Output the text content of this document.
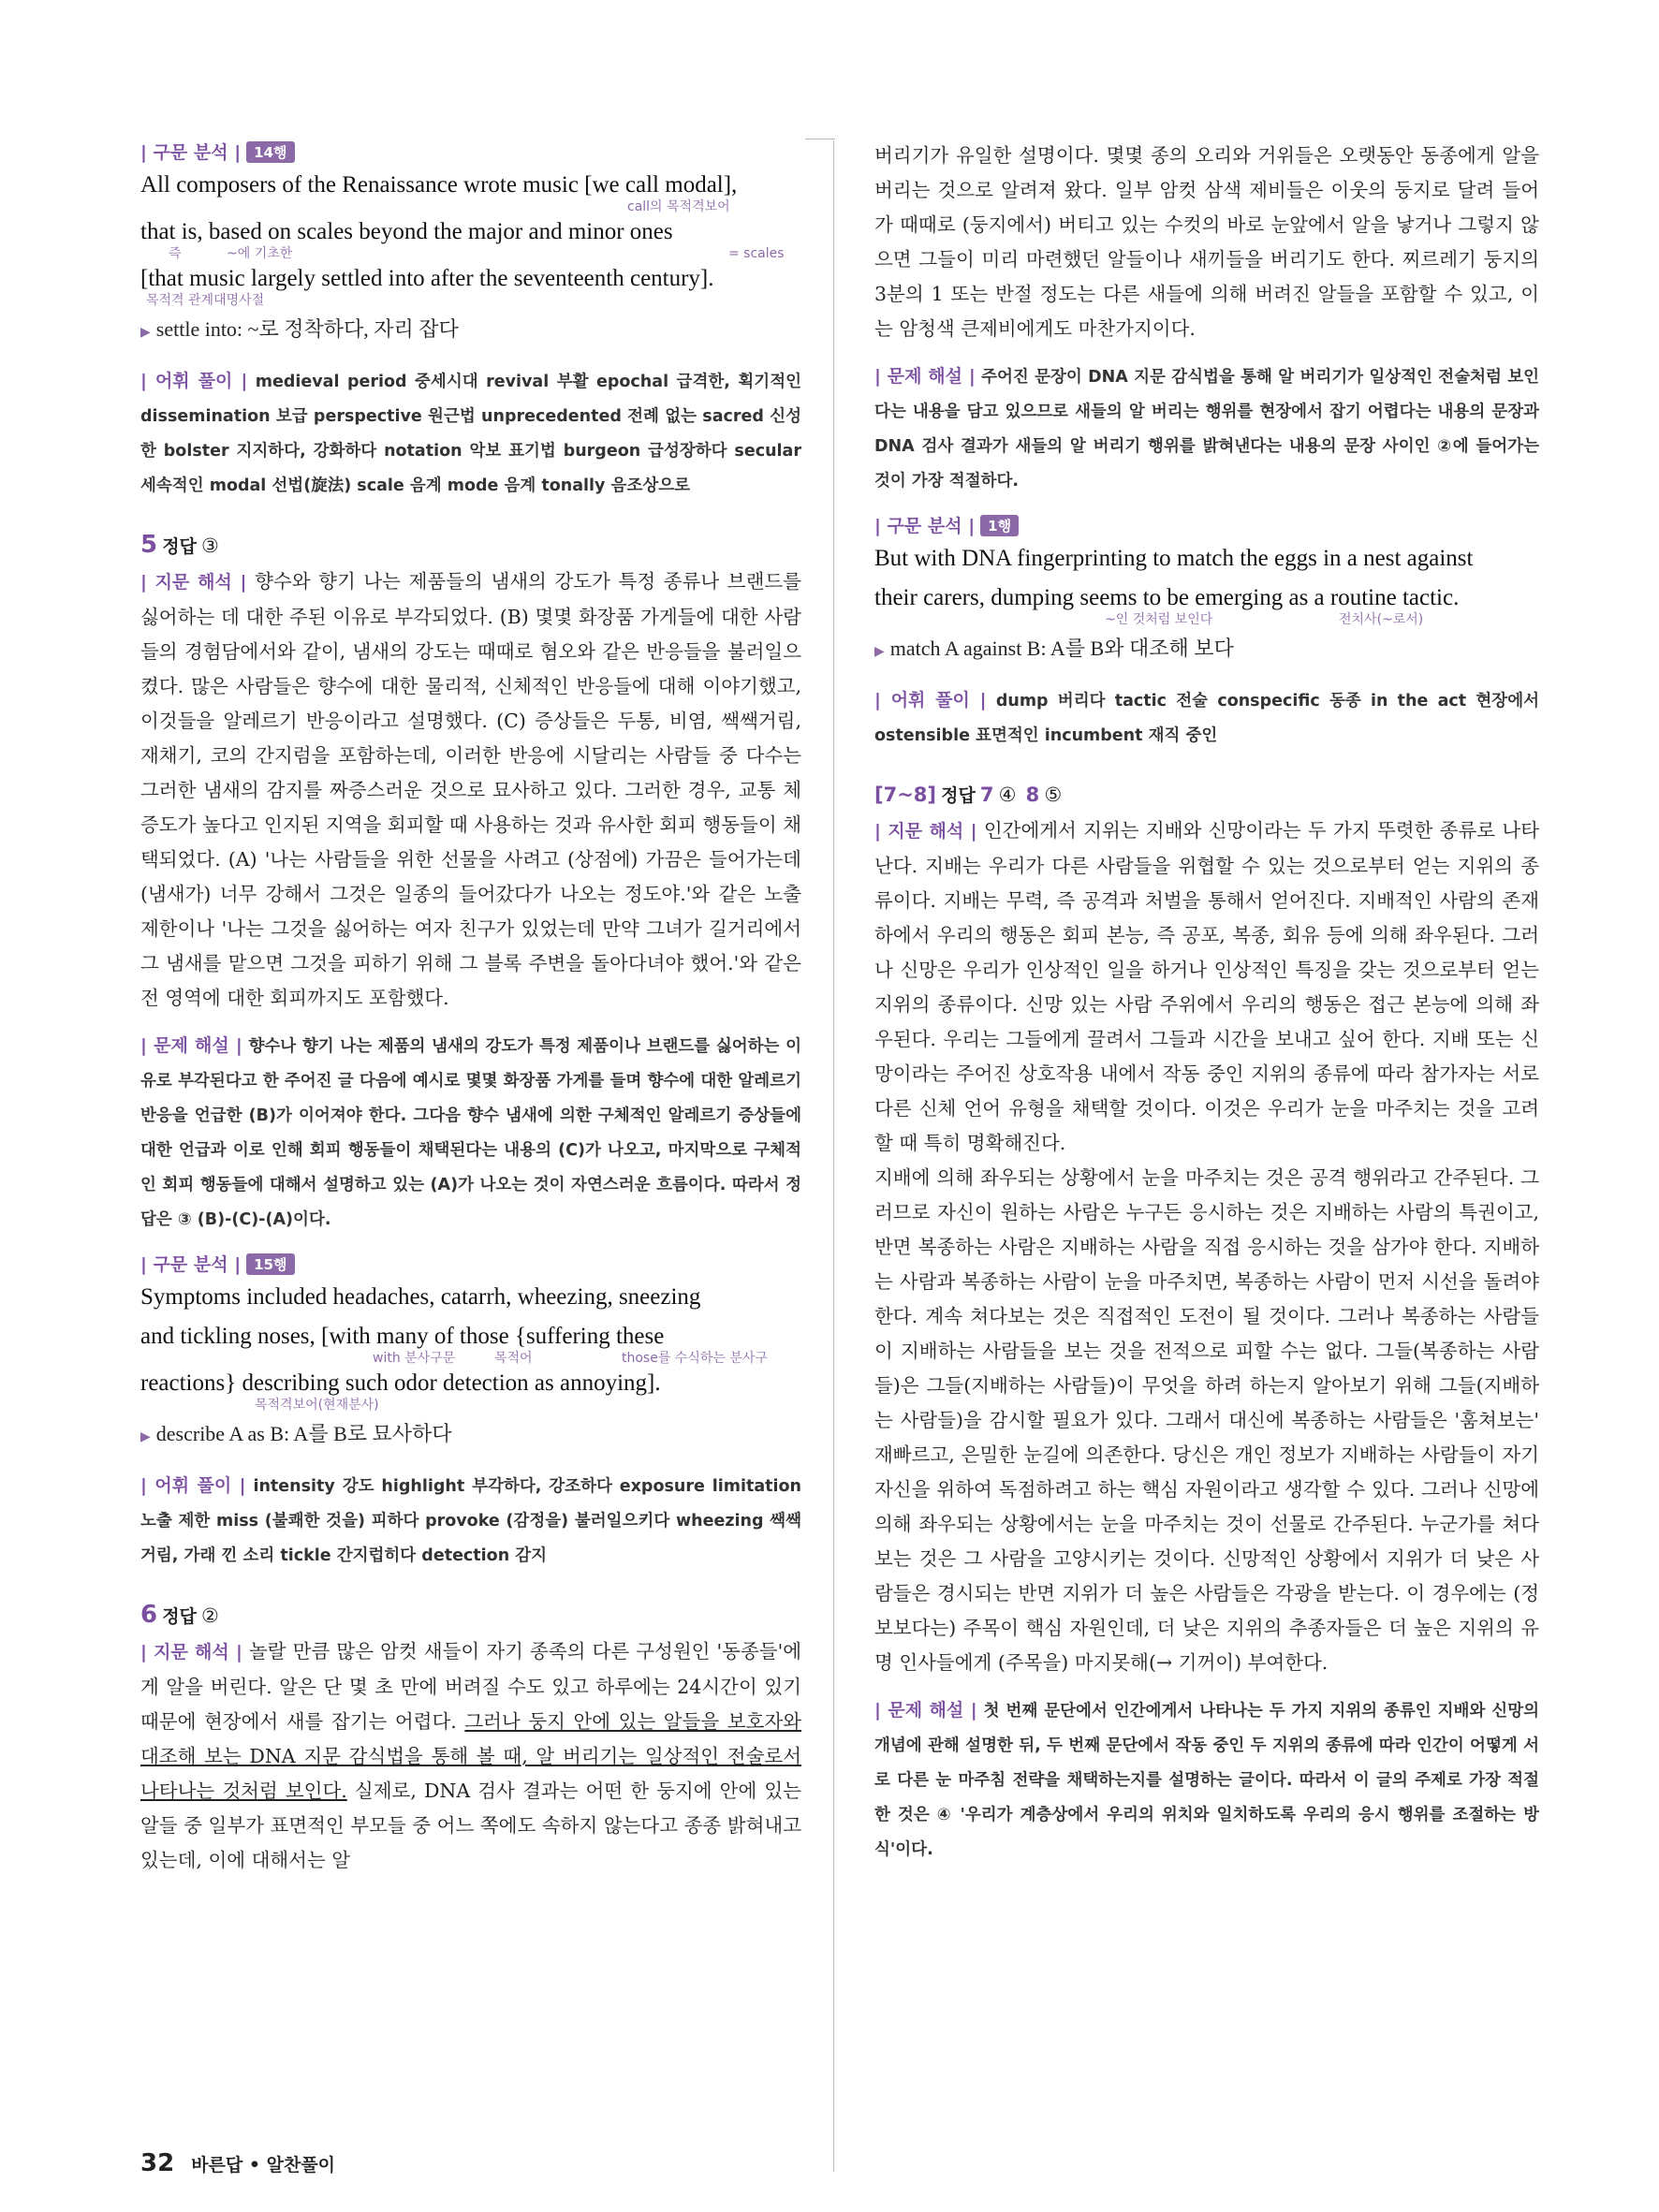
| 구문 분석 | 14행

All composers of the Renaissance wrote music [we call modal],

call의 목적격보어

that is, based on scales beyond the major and minor ones

즉	~에 기초한	= scales

[that music largely settled into after the seventeenth century].

목적격 관계대명사절

▶ settle into: ~로 정착하다, 자리 잡다

| 어휘 풀이 | medieval period 중세시대 revival 부활 epochal 급격한, 획기적인 dissemination 보급 perspective 원근법 unprecedented 전례 없는 sacred 신성한 bolster 지지하다, 강화하다 notation 악보 표기법 burgeon 급성장하다 secular 세속적인 modal 선법(旋法) scale 음계 mode 음계 tonally 음조상으로

5 정답 ③

| 지문 해석 | 향수와 향기 나는 제품들의 냄새의 강도가 특정 종류나 브랜드를 싫어하는 데 대한 주된 이유로 부각되었다. (B) 몇몇 화장품 가게들에 대한 사람들의 경험담에서와 같이, 냄새의 강도는 때때로 혐오와 같은 반응들을 불러일으켰다. 많은 사람들은 향수에 대한 물리적, 신체적인 반응들에 대해 이야기했고, 이것들을 알레르기 반응이라고 설명했다. (C) 증상들은 두통, 비염, 쌕쌕거림, 재채기, 코의 간지럼을 포함하는데, 이러한 반응에 시달리는 사람들 중 다수는 그러한 냄새의 감지를 짜증스러운 것으로 묘사하고 있다. 그러한 경우, 교통 체증도가 높다고 인지된 지역을 회피할 때 사용하는 것과 유사한 회피 행동들이 채택되었다. (A) '나는 사람들을 위한 선물을 사려고 (상점에) 가끔은 들어가는데 (냄새가) 너무 강해서 그것은 일종의 들어갔다가 나오는 정도야.'와 같은 노출 제한이나 '나는 그것을 싫어하는 여자 친구가 있었는데 만약 그녀가 길거리에서 그 냄새를 맡으면 그것을 피하기 위해 그 블록 주변을 돌아다녀야 했어.'와 같은 전 영역에 대한 회피까지도 포함했다.

| 문제 해설 | 향수나 향기 나는 제품의 냄새의 강도가 특정 제품이나 브랜드를 싫어하는 이유로 부각된다고 한 주어진 글 다음에 예시로 몇몇 화장품 가게를 들며 향수에 대한 알레르기 반응을 언급한 (B)가 이어져야 한다. 그다음 향수 냄새에 의한 구체적인 알레르기 증상들에 대한 언급과 이로 인해 회피 행동들이 채택된다는 내용의 (C)가 나오고, 마지막으로 구체적인 회피 행동들에 대해서 설명하고 있는 (A)가 나오는 것이 자연스러운 흐름이다. 따라서 정답은 ③ (B)-(C)-(A)이다.

| 구문 분석 | 15행

Symptoms included headaches, catarrh, wheezing, sneezing

and tickling noses, [with many of those {suffering these

with 분사구문	목적어	those를 수식하는 분사구

reactions} describing such odor detection as annoying].

목적격보어(현재분사)

▶ describe A as B: A를 B로 묘사하다

| 어휘 풀이 | intensity 강도 highlight 부각하다, 강조하다 exposure limitation 노출 제한 miss (불쾌한 것을) 피하다 provoke (감정을) 불러일으키다 wheezing 쌕쌕거림, 가래 낀 소리 tickle 간지럽히다 detection 감지

6 정답 ②

| 지문 해석 | 놀랄 만큼 많은 암컷 새들이 자기 종족의 다른 구성원인 '동종들'에게 알을 버린다. 알은 단 몇 초 만에 버려질 수도 있고 하루에는 24시간이 있기 때문에 현장에서 새를 잡기는 어렵다. 그러나 둥지 안에 있는 알들을 보호자와 대조해 보는 DNA 지문 감식법을 통해 볼 때, 알 버리기는 일상적인 전술로서 나타나는 것처럼 보인다. 실제로, DNA 검사 결과는 어떤 한 둥지에 안에 있는 알들 중 일부가 표면적인 부모들 중 어느 쪽에도 속하지 않는다고 종종 밝혀내고 있는데, 이에 대해서는 알

버리기가 유일한 설명이다. 몇몇 종의 오리와 거위들은 오랫동안 동종에게 알을 버리는 것으로 알려져 왔다. 일부 암컷 삼색 제비들은 이웃의 둥지로 달려 들어가 때때로 (둥지에서) 버티고 있는 수컷의 바로 눈앞에서 알을 낳거나 그렇지 않으면 그들이 미리 마련했던 알들이나 새끼들을 버리기도 한다. 찌르레기 둥지의 3분의 1 또는 반절 정도는 다른 새들에 의해 버려진 알들을 포함할 수 있고, 이는 암청색 큰제비에게도 마찬가지이다.

| 문제 해설 | 주어진 문장이 DNA 지문 감식법을 통해 알 버리기가 일상적인 전술처럼 보인다는 내용을 담고 있으므로 새들의 알 버리는 행위를 현장에서 잡기 어렵다는 내용의 문장과 DNA 검사 결과가 새들의 알 버리기 행위를 밝혀낸다는 내용의 문장 사이인 ②에 들어가는 것이 가장 적절하다.

| 구문 분석 | 1행

But with DNA fingerprinting to match the eggs in a nest against

their carers, dumping seems to be emerging as a routine tactic.

~인 것처럼 보인다	전치사(~로서)

▶ match A against B: A를 B와 대조해 보다

| 어휘 풀이 | dump 버리다 tactic 전술 conspecific 동종 in the act 현장에서 ostensible 표면적인 incumbent 재직 중인

[7~8] 정답 7 ④ 8 ⑤

| 지문 해석 | 인간에게서 지위는 지배와 신망이라는 두 가지 뚜렷한 종류로 나타난다. 지배는 우리가 다른 사람들을 위협할 수 있는 것으로부터 얻는 지위의 종류이다. 지배는 무력, 즉 공격과 처벌을 통해서 얻어진다. 지배적인 사람의 존재하에서 우리의 행동은 회피 본능, 즉 공포, 복종, 회유 등에 의해 좌우된다. 그러나 신망은 우리가 인상적인 일을 하거나 인상적인 특징을 갖는 것으로부터 얻는 지위의 종류이다. 신망 있는 사람 주위에서 우리의 행동은 접근 본능에 의해 좌우된다. 우리는 그들에게 끌려서 그들과 시간을 보내고 싶어 한다. 지배 또는 신망이라는 주어진 상호작용 내에서 작동 중인 지위의 종류에 따라 참가자는 서로 다른 신체 언어 유형을 채택할 것이다. 이것은 우리가 눈을 마주치는 것을 고려할 때 특히 명확해진다.

지배에 의해 좌우되는 상황에서 눈을 마주치는 것은 공격 행위라고 간주된다. 그러므로 자신이 원하는 사람은 누구든 응시하는 것은 지배하는 사람의 특권이고, 반면 복종하는 사람은 지배하는 사람을 직접 응시하는 것을 삼가야 한다. 지배하는 사람과 복종하는 사람이 눈을 마주치면, 복종하는 사람이 먼저 시선을 돌려야 한다. 계속 쳐다보는 것은 직접적인 도전이 될 것이다. 그러나 복종하는 사람들이 지배하는 사람들을 보는 것을 전적으로 피할 수는 없다. 그들(복종하는 사람들)은 그들(지배하는 사람들)이 무엇을 하려 하는지 알아보기 위해 그들(지배하는 사람들)을 감시할 필요가 있다. 그래서 대신에 복종하는 사람들은 '훔쳐보는' 재빠르고, 은밀한 눈길에 의존한다. 당신은 개인 정보가 지배하는 사람들이 자기 자신을 위하여 독점하려고 하는 핵심 자원이라고 생각할 수 있다. 그러나 신망에 의해 좌우되는 상황에서는 눈을 마주치는 것이 선물로 간주된다. 누군가를 쳐다보는 것은 그 사람을 고양시키는 것이다. 신망적인 상황에서 지위가 더 낮은 사람들은 경시되는 반면 지위가 더 높은 사람들은 각광을 받는다. 이 경우에는 (정보보다는) 주목이 핵심 자원인데, 더 낮은 지위의 추종자들은 더 높은 지위의 유명 인사들에게 (주목을) 마지못해(→ 기꺼이) 부여한다.

| 문제 해설 | 첫 번째 문단에서 인간에게서 나타나는 두 가지 지위의 종류인 지배와 신망의 개념에 관해 설명한 뒤, 두 번째 문단에서 작동 중인 두 지위의 종류에 따라 인간이 어떻게 서로 다른 눈 마주침 전략을 채택하는지를 설명하는 글이다. 따라서 이 글의 주제로 가장 적절한 것은 ④ '우리가 계층상에서 우리의 위치와 일치하도록 우리의 응시 행위를 조절하는 방식'이다.

32 바른답 • 알찬풀이
